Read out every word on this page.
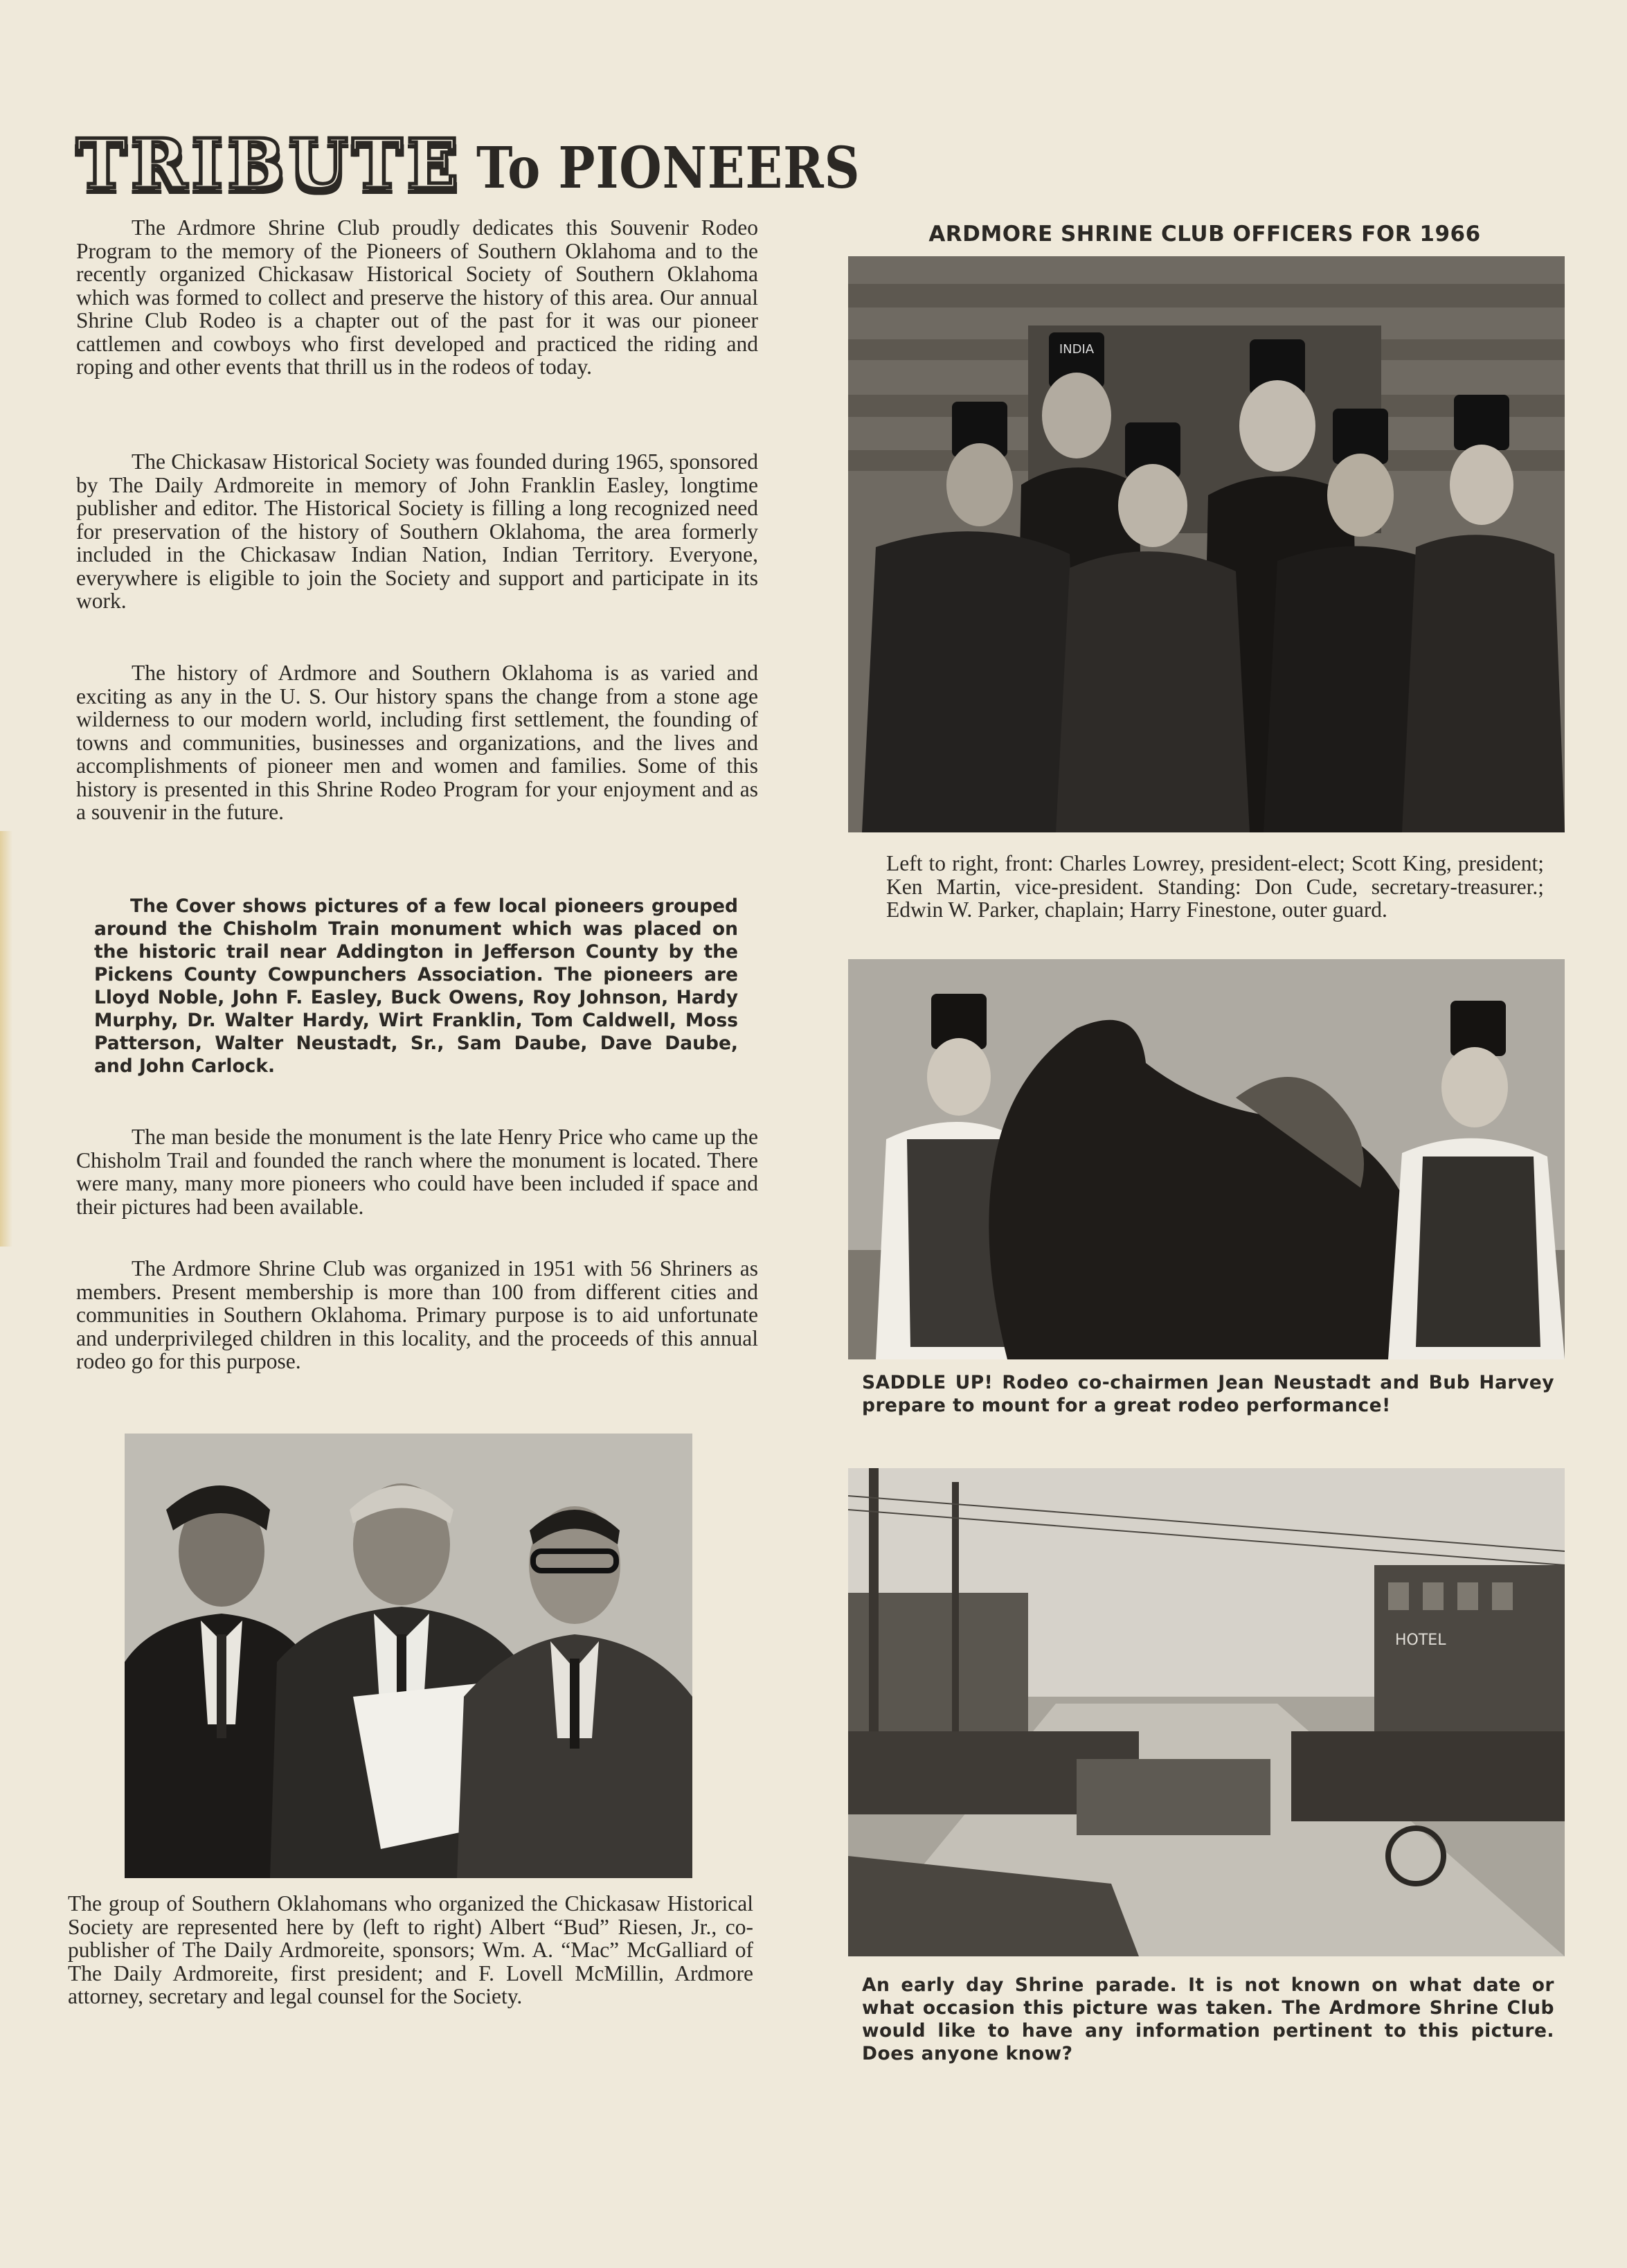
TRIBUTE To PIONEERS

The Ardmore Shrine Club proudly dedicates this Souvenir Rodeo Program to the memory of the Pioneers of Southern Oklahoma and to the recently organized Chickasaw Historical Society of Southern Oklahoma which was formed to collect and preserve the history of this area. Our annual Shrine Club Rodeo is a chapter out of the past for it was our pioneer cattlemen and cowboys who first developed and practiced the riding and roping and other events that thrill us in the rodeos of today.

The Chickasaw Historical Society was founded during 1965, sponsored by The Daily Ardmoreite in memory of John Franklin Easley, longtime publisher and editor. The Historical Society is filling a long recognized need for preservation of the history of Southern Oklahoma, the area formerly included in the Chickasaw Indian Nation, Indian Territory. Everyone, everywhere is eligible to join the Society and support and participate in its work.

The history of Ardmore and Southern Oklahoma is as varied and exciting as any in the U. S. Our history spans the change from a stone age wilderness to our modern world, including first settlement, the founding of towns and communities, businesses and organizations, and the lives and accomplishments of pioneer men and women and families. Some of this history is presented in this Shrine Rodeo Program for your enjoyment and as a souvenir in the future.

The Cover shows pictures of a few local pioneers grouped around the Chisholm Train monument which was placed on the historic trail near Addington in Jefferson County by the Pickens County Cowpunchers Association. The pioneers are Lloyd Noble, John F. Easley, Buck Owens, Roy Johnson, Hardy Murphy, Dr. Walter Hardy, Wirt Franklin, Tom Caldwell, Moss Patterson, Walter Neustadt, Sr., Sam Daube, Dave Daube, and John Carlock.

The man beside the monument is the late Henry Price who came up the Chisholm Trail and founded the ranch where the monument is located. There were many, many more pioneers who could have been included if space and their pictures had been available.

The Ardmore Shrine Club was organized in 1951 with 56 Shriners as members. Present membership is more than 100 from different cities and communities in Southern Oklahoma. Primary purpose is to aid unfortunate and underprivileged children in this locality, and the proceeds of this annual rodeo go for this purpose.

The group of Southern Oklahomans who organized the Chickasaw Historical Society are represented here by (left to right) Albert “Bud” Riesen, Jr., co-publisher of The Daily Ardmoreite, sponsors; Wm. A. “Mac” McGalliard of The Daily Ardmoreite, first president; and F. Lovell McMillin, Ardmore attorney, secretary and legal counsel for the Society.

ARDMORE SHRINE CLUB OFFICERS FOR 1966
INDIA

Left to right, front: Charles Lowrey, president-elect; Scott King, president; Ken Martin, vice-president. Standing: Don Cude, secretary-treasurer.; Edwin W. Parker, chaplain; Harry Finestone, outer guard.

SADDLE UP! Rodeo co-chairmen Jean Neustadt and Bub Harvey prepare to mount for a great rodeo performance!

HOTEL

An early day Shrine parade. It is not known on what date or what occasion this picture was taken. The Ardmore Shrine Club would like to have any information pertinent to this picture. Does anyone know?
